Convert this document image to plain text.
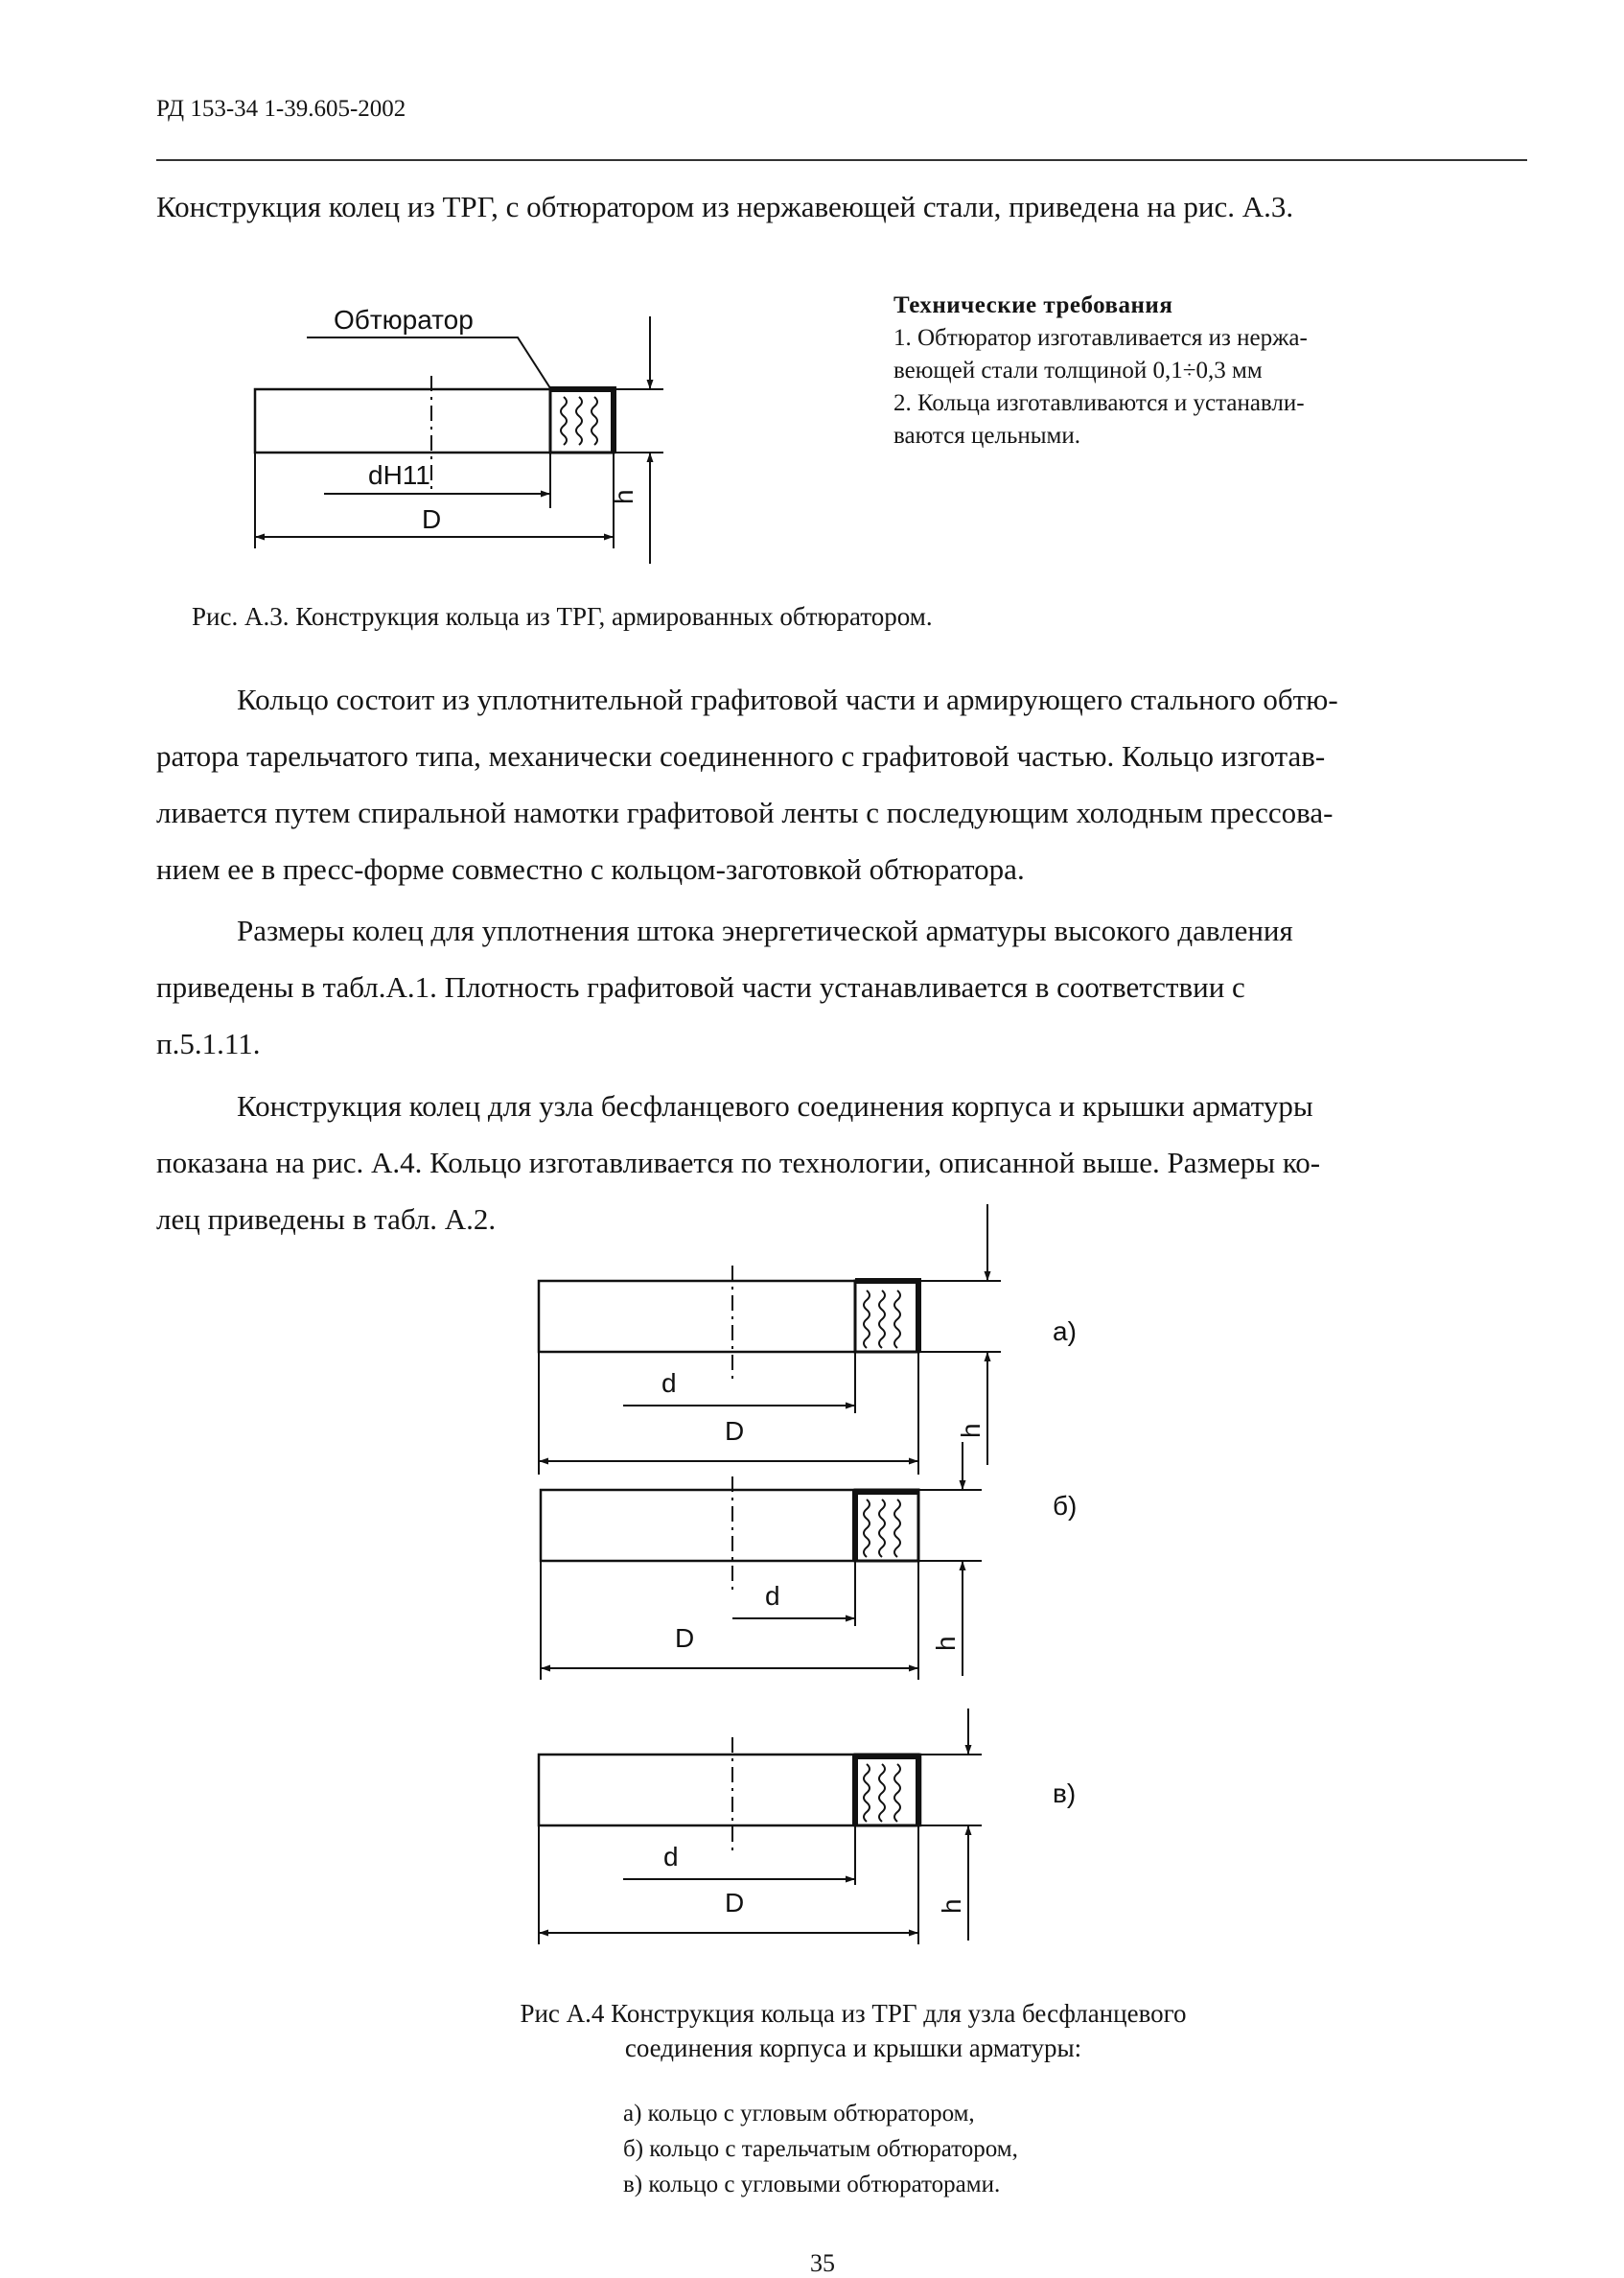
РД 153-34 1-39.605-2002
Конструкция колец из ТРГ, с обтюратором из нержавеющей стали, приведена на рис. А.3.
Обтюратор
dH11
D
h
Технические требования
1. Обтюратор изготавливается из нержа-
веющей стали толщиной 0,1÷0,3 мм
2. Кольца изготавливаются и устанавли-
ваются цельными.
Рис. А.3. Конструкция кольца из ТРГ, армированных обтюратором.
Кольцо состоит из уплотнительной графитовой части и армирующего стального обтю-
ратора тарельчатого типа, механически соединенного с графитовой частью. Кольцо изготав-
ливается путем спиральной намотки графитовой ленты с последующим холодным прессова-
нием ее в пресс-форме совместно с кольцом-заготовкой обтюратора.
Размеры колец для уплотнения штока энергетической арматуры высокого давления
приведены в табл.А.1. Плотность графитовой части устанавливается в соответствии с
п.5.1.11.
Конструкция колец для узла бесфланцевого соединения корпуса и крышки арматуры
показана на рис. А.4. Кольцо изготавливается по технологии, описанной выше. Размеры ко-
лец приведены в табл. А.2.
d
D	h
а)
d
D	h
б)
d
D	h
в)
Рис А.4 Конструкция кольца из ТРГ для узла бесфланцевого
соединения корпуса и крышки арматуры:
а) кольцо с угловым обтюратором,
б) кольцо с тарельчатым обтюратором,
в) кольцо с угловыми обтюраторами.
35
